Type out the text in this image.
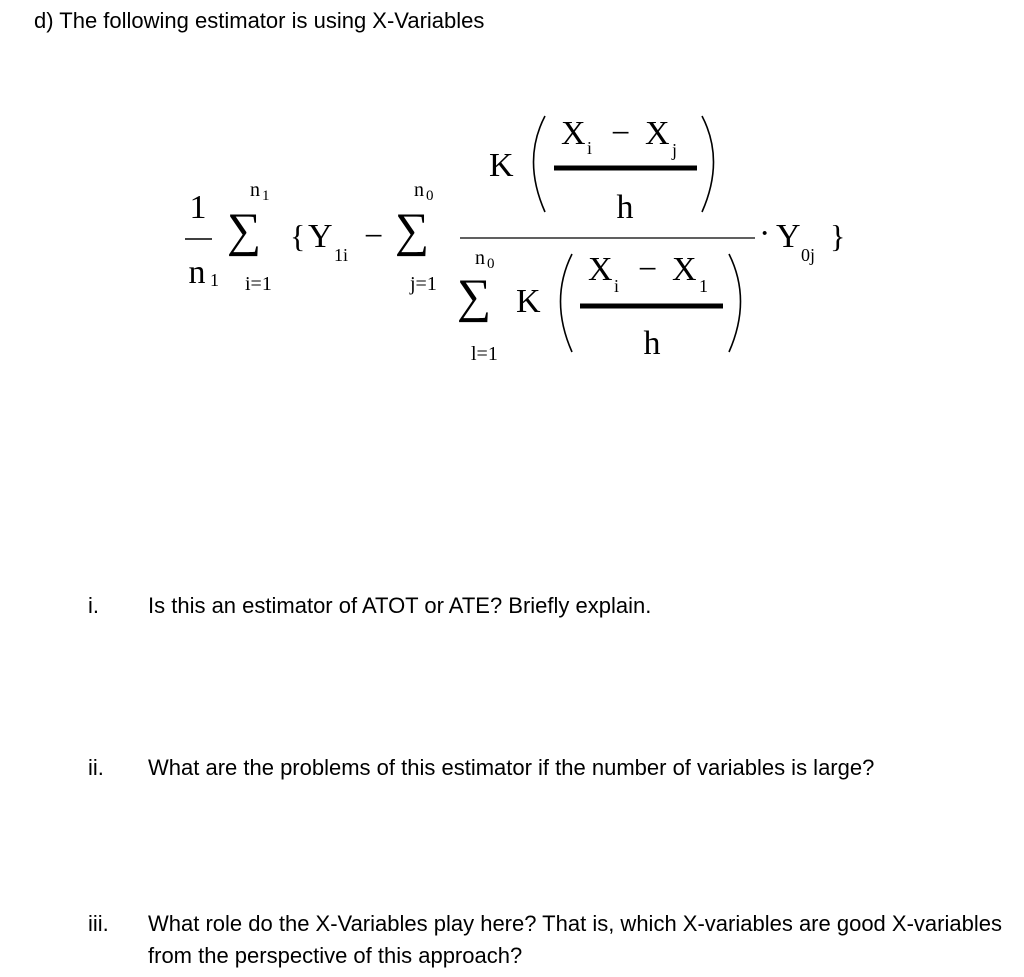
d) The following estimator is using X-Variables
1
n 1
n 1
∑
i=1
{ Y 1i −
n 0
∑
j=1
K
X i − X j
h
n 0
∑
l=1
K
X i − X 1
h
· Y 0j
}
i. Is this an estimator of ATOT or ATE? Briefly explain.
ii. What are the problems of this estimator if the number of variables is large?
iii. What role do the X-Variables play here? That is, which X-variables are good X-variables from the perspective of this approach?
